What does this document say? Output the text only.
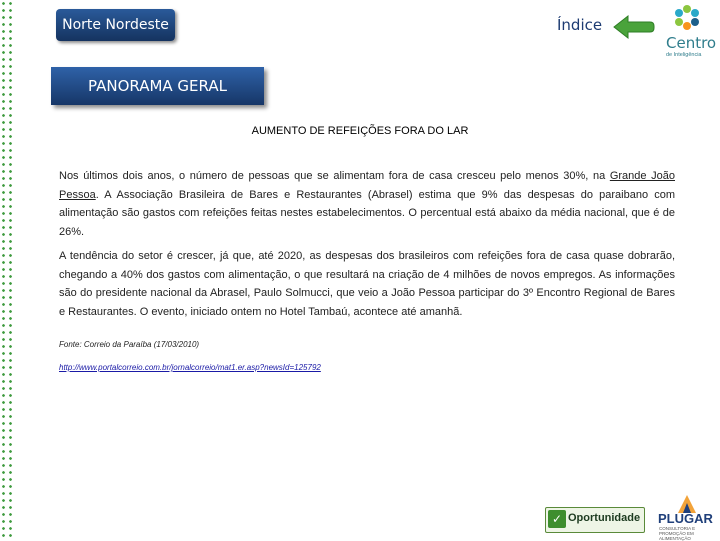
Norte Nordeste	Índice
Centro
de Inteligência
PANORAMA GERAL
AUMENTO DE REFEIÇÕES FORA DO LAR

Nos últimos dois anos, o número de pessoas que se alimentam fora de casa cresceu pelo menos 30%, na Grande João Pessoa. A Associação Brasileira de Bares e Restaurantes (Abrasel) estima que 9% das despesas do paraibano com alimentação são gastos com refeições feitas nestes estabelecimentos. O percentual está abaixo da média nacional, que é de 26%.

A tendência do setor é crescer, já que, até 2020, as despesas dos brasileiros com refeições fora de casa quase dobrarão, chegando a 40% dos gastos com alimentação, o que resultará na criação de 4 milhões de novos empregos. As informações são do presidente nacional da Abrasel, Paulo Solmucci, que veio a João Pessoa participar do 3º Encontro Regional de Bares e Restaurantes. O evento, iniciado ontem no Hotel Tambaú, acontece até amanhã.

Fonte: Correio da Paraíba (17/03/2010)
http://www.portalcorreio.com.br/jornalcorreio/mat1.er.asp?newsId=125792
✓ Oportunidade PLUGAR
CONSULTORIA E PROMOÇÃO EM ALIMENTAÇÃO
